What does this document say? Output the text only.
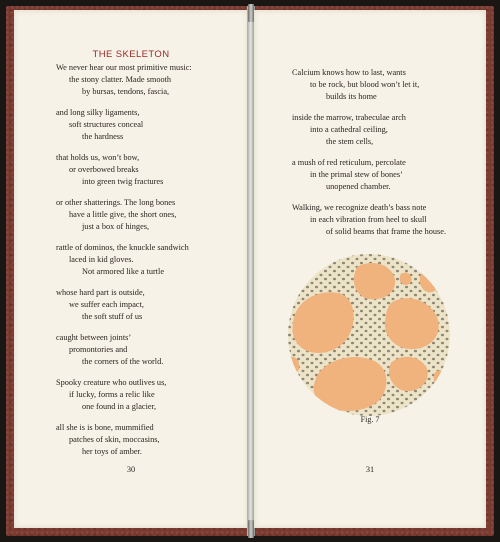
THE SKELETON
We never hear our most primitive music:
the stony clatter. Made smooth
by bursas, tendons, fascia,
and long silky ligaments,
soft structures conceal
the hardness
that holds us, won’t bow,
or overbowed breaks
into green twig fractures
or other shatterings. The long bones
have a little give, the short ones,
just a box of hinges,
rattle of dominos, the knuckle sandwich
laced in kid gloves.
Not armored like a turtle
whose hard part is outside,
we suffer each impact,
the soft stuff of us
caught between joints’
promontories and
the corners of the world.
Spooky creature who outlives us,
if lucky, forms a relic like
one found in a glacier,
all she is is bone, mummified
patches of skin, moccasins,
her toys of amber.
30
Calcium knows how to last, wants
to be rock, but blood won’t let it,
builds its home
inside the marrow, trabeculae arch
into a cathedral ceiling,
the stem cells,
a mush of red reticulum, percolate
in the primal stew of bones’
unopened chamber.
Walking, we recognize death’s bass note
in each vibration from heel to skull
of solid beams that frame the house.
Fig. 7
31
